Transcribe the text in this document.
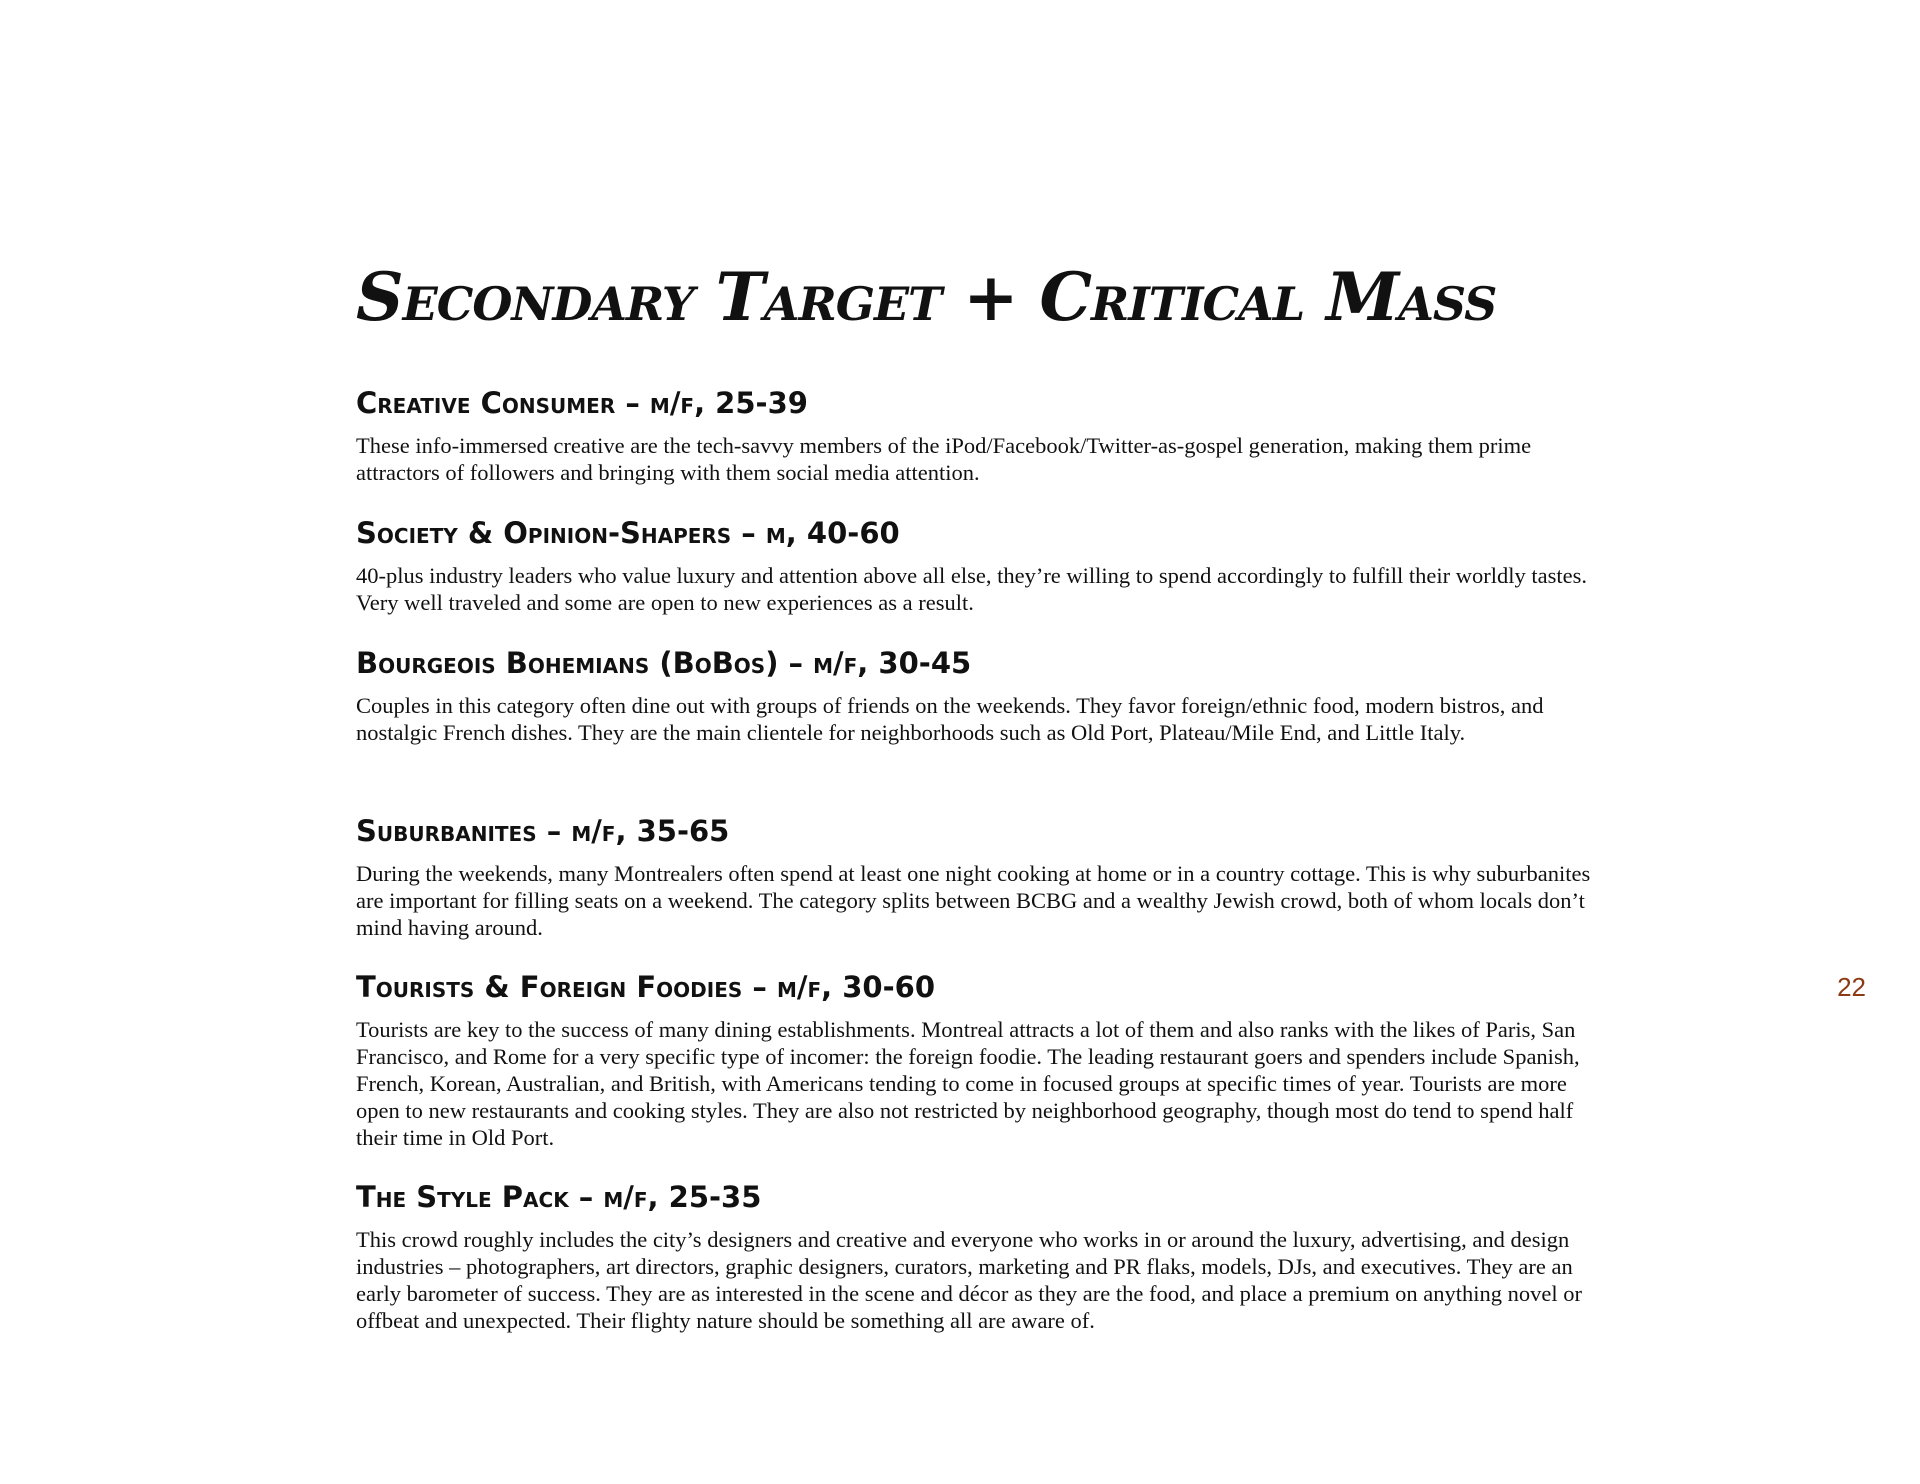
Secondary Target + Critical Mass
Creative Consumer – m/f, 25-39

These info-immersed creative are the tech-savvy members of the iPod/Facebook/Twitter-as-gospel generation, making them prime attractors of followers and bringing with them social media attention.

Society & Opinion-Shapers – m, 40-60

40-plus industry leaders who value luxury and attention above all else, they’re willing to spend accordingly to fulfill their worldly tastes. Very well traveled and some are open to new experiences as a result.

Bourgeois Bohemians (BoBos) – m/f, 30-45

Couples in this category often dine out with groups of friends on the weekends. They favor foreign/ethnic food, modern bistros, and nostalgic French dishes. They are the main clientele for neighborhoods such as Old Port, Plateau/Mile End, and Little Italy.

Suburbanites – m/f, 35-65

During the weekends, many Montrealers often spend at least one night cooking at home or in a country cottage. This is why suburbanites are important for filling seats on a weekend. The category splits between BCBG and a wealthy Jewish crowd, both of whom locals don’t mind having around.

Tourists & Foreign Foodies – m/f, 30-60

Tourists are key to the success of many dining establishments. Montreal attracts a lot of them and also ranks with the likes of Paris, San Francisco, and Rome for a very specific type of incomer: the foreign foodie. The leading restaurant goers and spenders include Spanish, French, Korean, Australian, and British, with Americans tending to come in focused groups at specific times of year. Tourists are more open to new restaurants and cooking styles. They are also not restricted by neighborhood geography, though most do tend to spend half their time in Old Port.

The Style Pack – m/f, 25-35

This crowd roughly includes the city’s designers and creative and everyone who works in or around the luxury, advertising, and design industries – photographers, art directors, graphic designers, curators, marketing and PR flaks, models, DJs, and executives. They are an early barometer of success. They are as interested in the scene and décor as they are the food, and place a premium on anything novel or offbeat and unexpected. Their flighty nature should be something all are aware of.

22
